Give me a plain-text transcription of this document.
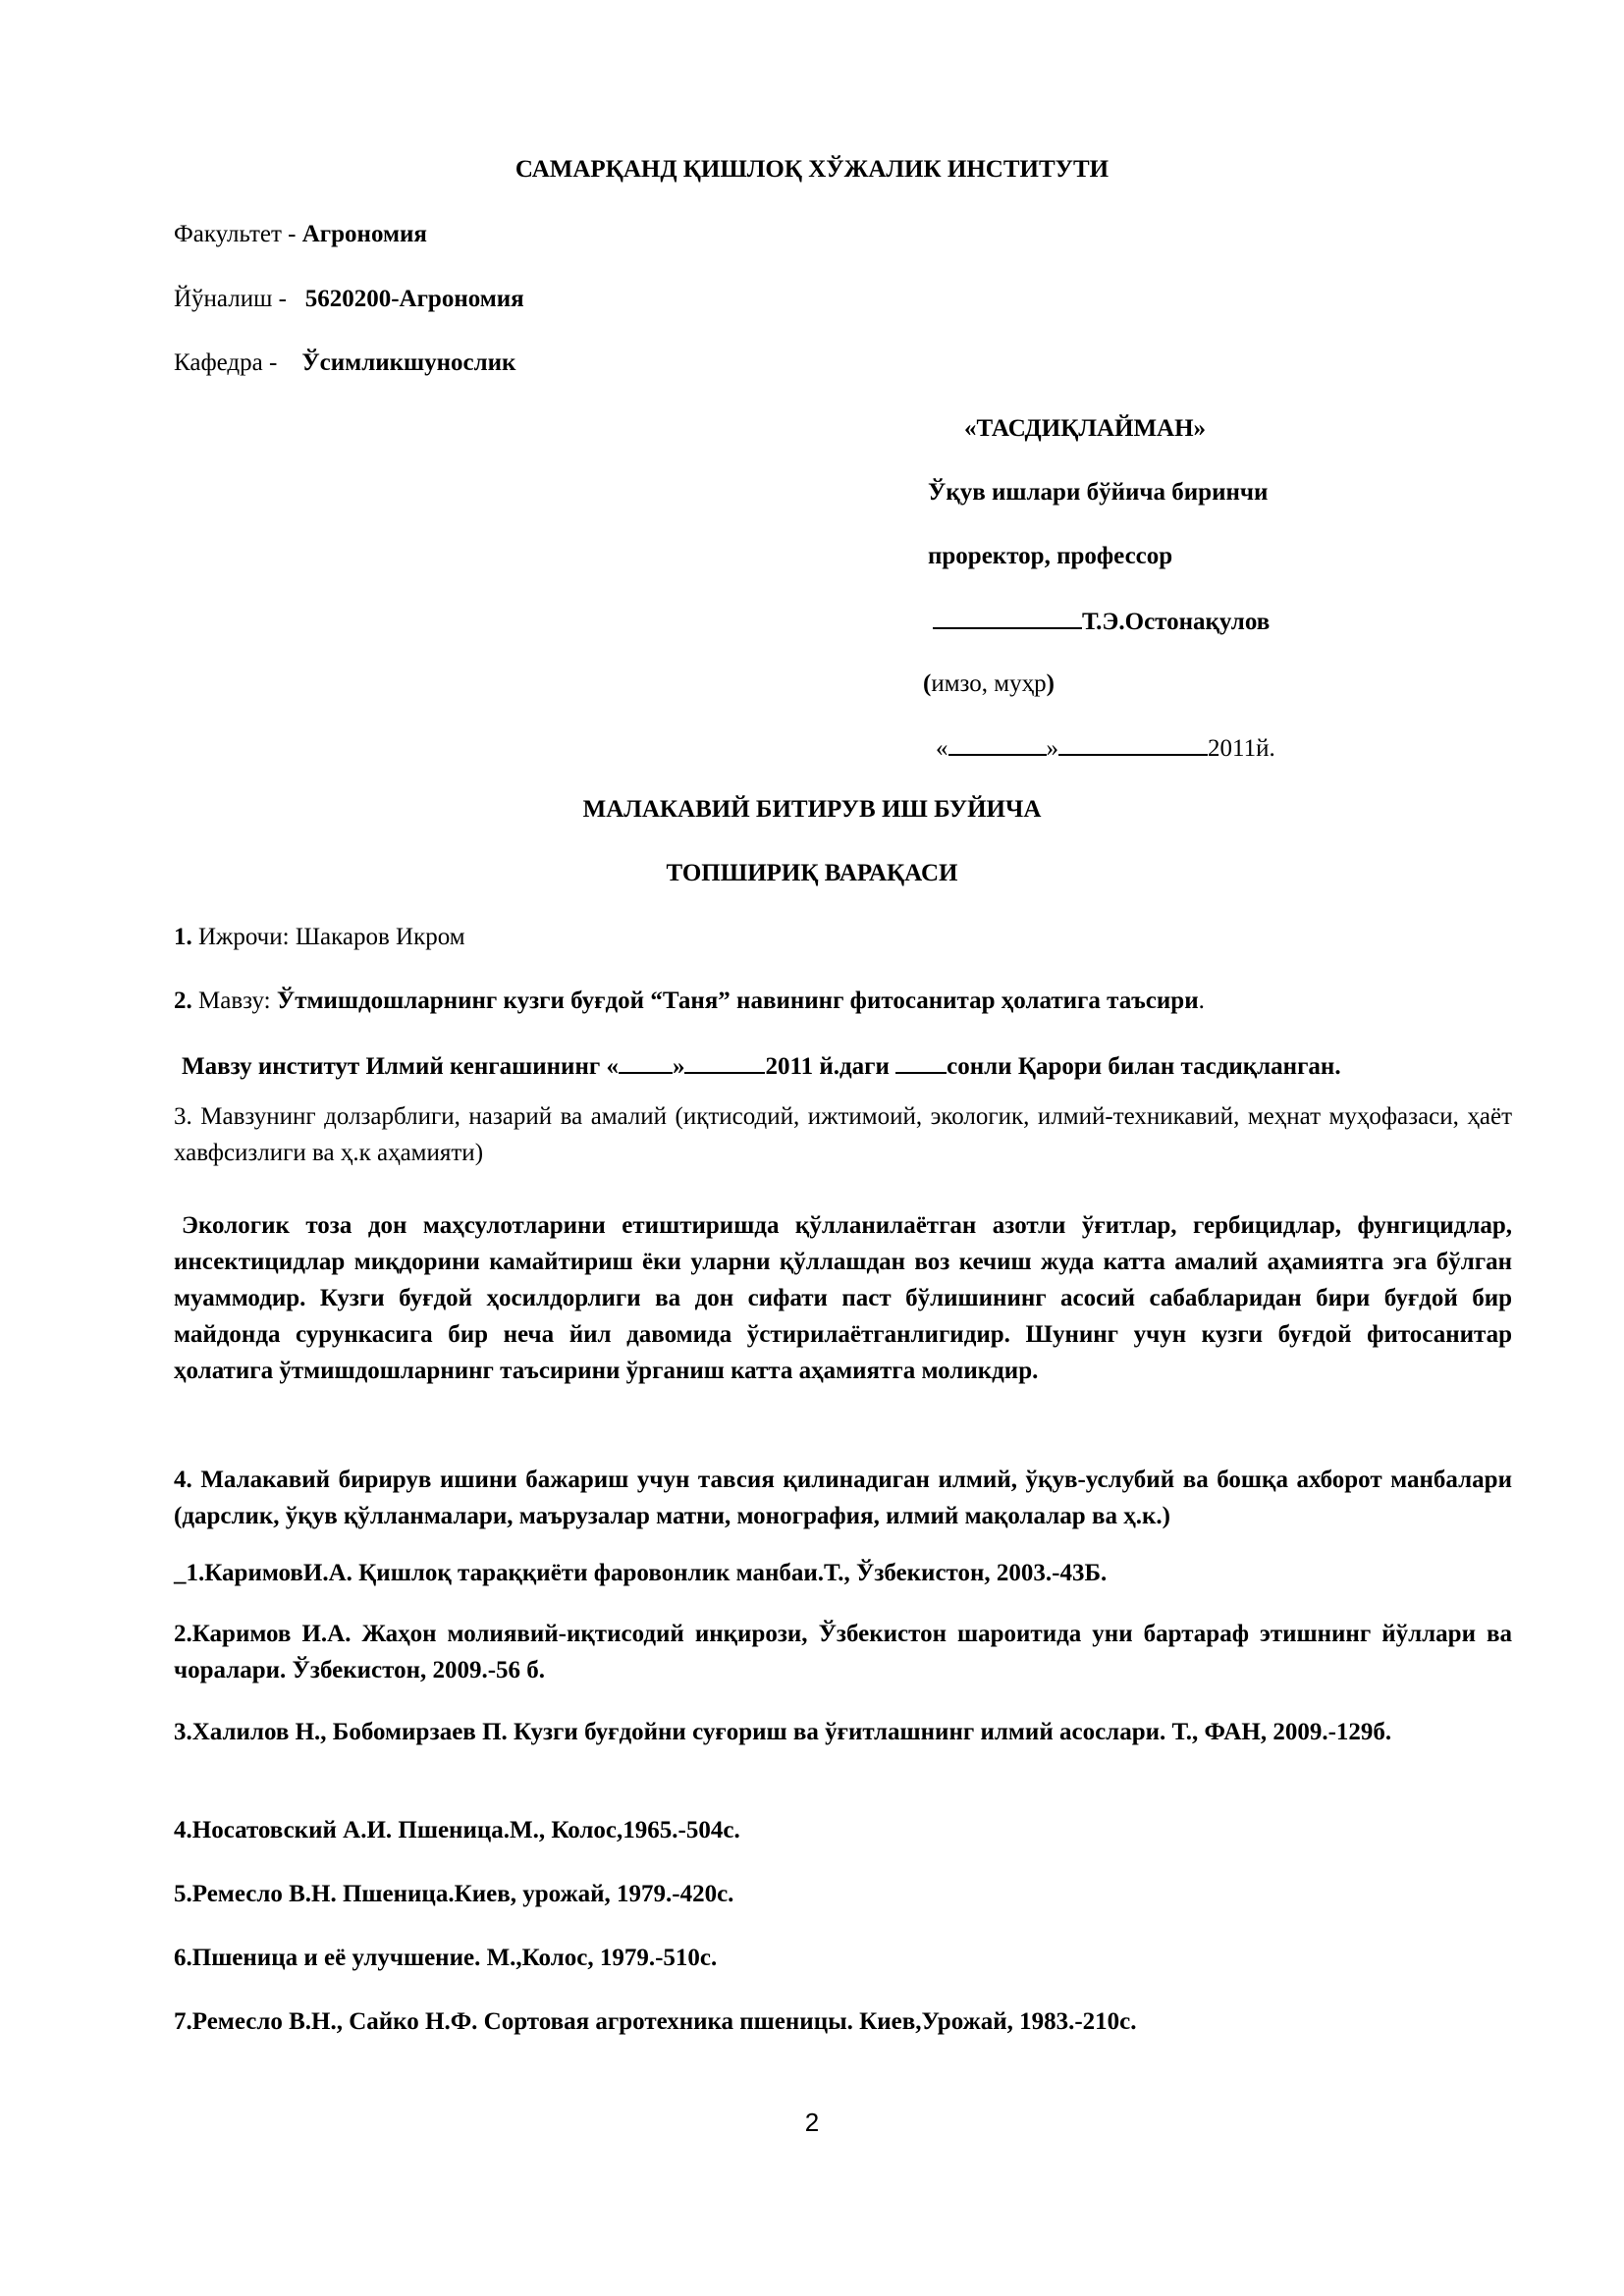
САМАРҚАНД ҚИШЛОҚ ХЎЖАЛИК ИНСТИТУТИ
Факультет - Агрономия
Йўналиш -   5620200-Агрономия
Кафедра -    Ўсимликшунослик
«ТАСДИҚЛАЙМАН»
Ўқув ишлари бўйича биринчи
проректор, профессор
Т.Э.Остонақулов
(имзо, муҳр)
«	»	2011й.
МАЛАКАВИЙ БИТИРУВ ИШ БУЙИЧА
ТОПШИРИҚ ВАРАҚАСИ
1. Ижрочи: Шакаров Икром
2. Мавзу: Ўтмишдошларнинг кузги буғдой “Таня” навининг фитосанитар ҳолатига таъсири.
Мавзу институт Илмий кенгашининг « »	2011 й.даги сонли Қарори билан тасдиқланган.
3. Мавзунинг долзарблиги, назарий ва амалий (иқтисодий, ижтимоий, экологик, илмий-техникавий, меҳнат муҳофазаси, ҳаёт хавфсизлиги ва ҳ.к аҳамияти)
Экологик тоза дон маҳсулотларини етиштиришда қўлланилаётган азотли ўғитлар, гербицидлар, фунгицидлар, инсектицидлар миқдорини камайтириш ёки уларни қўллашдан воз кечиш жуда катта амалий аҳамиятга эга бўлган муаммодир. Кузги буғдой ҳосилдорлиги ва дон сифати паст бўлишининг асосий сабабларидан бири буғдой бир майдонда сурункасига бир неча йил давомида ўстирилаётганлигидир. Шунинг учун кузги буғдой фитосанитар ҳолатига ўтмишдошларнинг таъсирини ўрганиш катта аҳамиятга моликдир.
4. Малакавий бирирув ишини бажариш учун тавсия қилинадиган илмий, ўқув-услубий ва бошқа ахборот манбалари (дарслик, ўқув қўлланмалари, маърузалар матни, монография, илмий мақолалар ва ҳ.к.)
_1.КаримовИ.А. Қишлоқ тараққиёти фаровонлик манбаи.Т., Ўзбекистон, 2003.-43Б.
2.Каримов И.А. Жаҳон молиявий-иқтисодий инқирози, Ўзбекистон шароитида уни бартараф этишнинг йўллари ва чоралари. Ўзбекистон, 2009.-56 б.
3.Халилов Н., Бобомирзаев П. Кузги буғдойни суғориш ва ўғитлашнинг илмий асослари. Т., ФАН, 2009.-129б.
4.Носатовский А.И. Пшеница.М., Колос,1965.-504с.
5.Ремесло В.Н. Пшеница.Киев, урожай, 1979.-420с.
6.Пшеница и её улучшение. М.,Колос, 1979.-510с.
7.Ремесло В.Н., Сайко Н.Ф. Сортовая агротехника пшеницы. Киев,Урожай, 1983.-210с.
2
